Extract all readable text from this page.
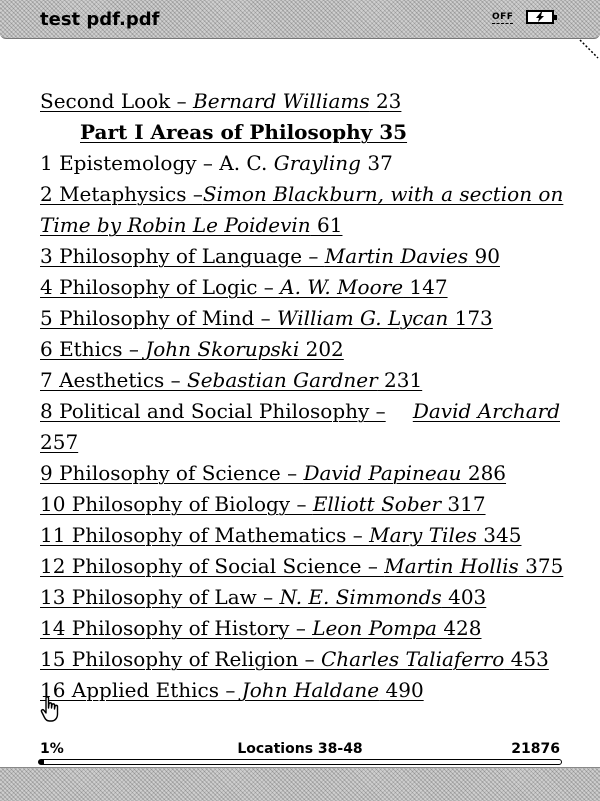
test pdf.pdf	OFF
Second Look – Bernard Williams 23
Part I Areas of Philosophy 35
1 Epistemology – A. C. Grayling 37
2 Metaphysics – Simon Blackburn, with a section on
Time by Robin Le Poidevin 61
3 Philosophy of Language – Martin Davies 90
4 Philosophy of Logic – A. W. Moore 147
5 Philosophy of Mind – William G. Lycan 173
6 Ethics – John Skorupski 202
7 Aesthetics – Sebastian Gardner 231
8 Political and Social Philosophy – David Archard
257
9 Philosophy of Science – David Papineau 286
10 Philosophy of Biology – Elliott Sober 317
11 Philosophy of Mathematics – Mary Tiles 345
12 Philosophy of Social Science – Martin Hollis 375
13 Philosophy of Law – N. E. Simmonds 403
14 Philosophy of History – Leon Pompa 428
15 Philosophy of Religion – Charles Taliaferro 453
16 Applied Ethics – John Haldane 490
1%	Locations 38-48	21876
